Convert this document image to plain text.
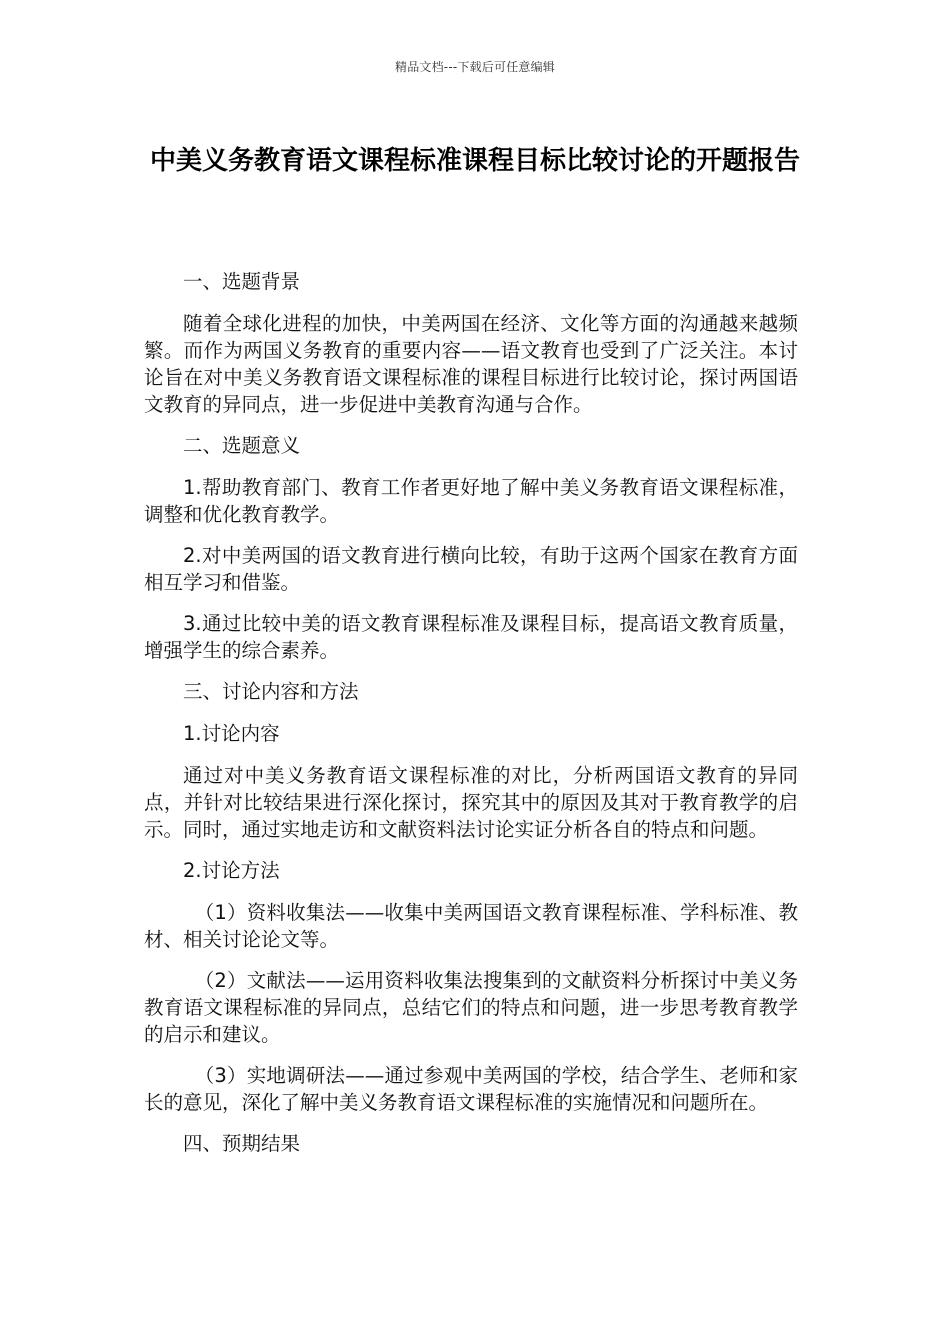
精品文档---下载后可任意编辑
中美义务教育语文课程标准课程目标比较讨论的开题报告

一、选题背景

随着全球化进程的加快，中美两国在经济、文化等方面的沟通越来越频繁。而作为两国义务教育的重要内容——语文教育也受到了广泛关注。本讨论旨在对中美义务教育语文课程标准的课程目标进行比较讨论，探讨两国语文教育的异同点，进一步促进中美教育沟通与合作。

二、选题意义

1.帮助教育部门、教育工作者更好地了解中美义务教育语文课程标准，调整和优化教育教学。

2.对中美两国的语文教育进行横向比较，有助于这两个国家在教育方面相互学习和借鉴。

3.通过比较中美的语文教育课程标准及课程目标，提高语文教育质量，增强学生的综合素养。

三、讨论内容和方法

1.讨论内容

通过对中美义务教育语文课程标准的对比，分析两国语文教育的异同点，并针对比较结果进行深化探讨，探究其中的原因及其对于教育教学的启示。同时，通过实地走访和文献资料法讨论实证分析各自的特点和问题。

2.讨论方法

（1）资料收集法——收集中美两国语文教育课程标准、学科标准、教材、相关讨论论文等。

（2）文献法——运用资料收集法搜集到的文献资料分析探讨中美义务教育语文课程标准的异同点，总结它们的特点和问题，进一步思考教育教学的启示和建议。

（3）实地调研法——通过参观中美两国的学校，结合学生、老师和家长的意见，深化了解中美义务教育语文课程标准的实施情况和问题所在。

四、预期结果
